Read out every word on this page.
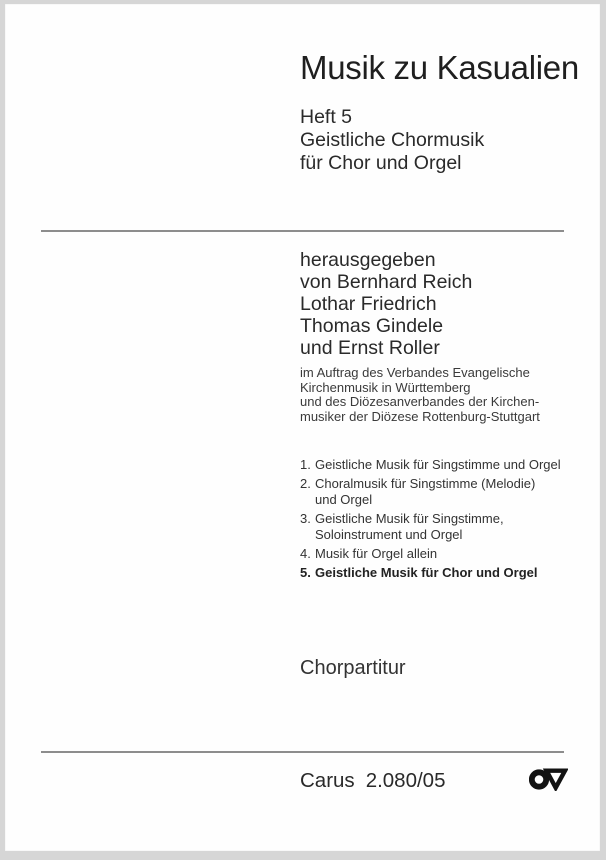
Musik zu Kasualien
Heft 5
Geistliche Chormusik
für Chor und Orgel
herausgegeben
von Bernhard Reich
Lothar Friedrich
Thomas Gindele
und Ernst Roller
im Auftrag des Verbandes Evangelische
Kirchenmusik in Württemberg
und des Diözesanverbandes der Kirchen-
musiker der Diözese Rottenburg-Stuttgart
1. Geistliche Musik für Singstimme und Orgel
2. Choralmusik für Singstimme (Melodie)
und Orgel
3. Geistliche Musik für Singstimme,
Soloinstrument und Orgel
4. Musik für Orgel allein
5. Geistliche Musik für Chor und Orgel
Chorpartitur
Carus 2.080/05
